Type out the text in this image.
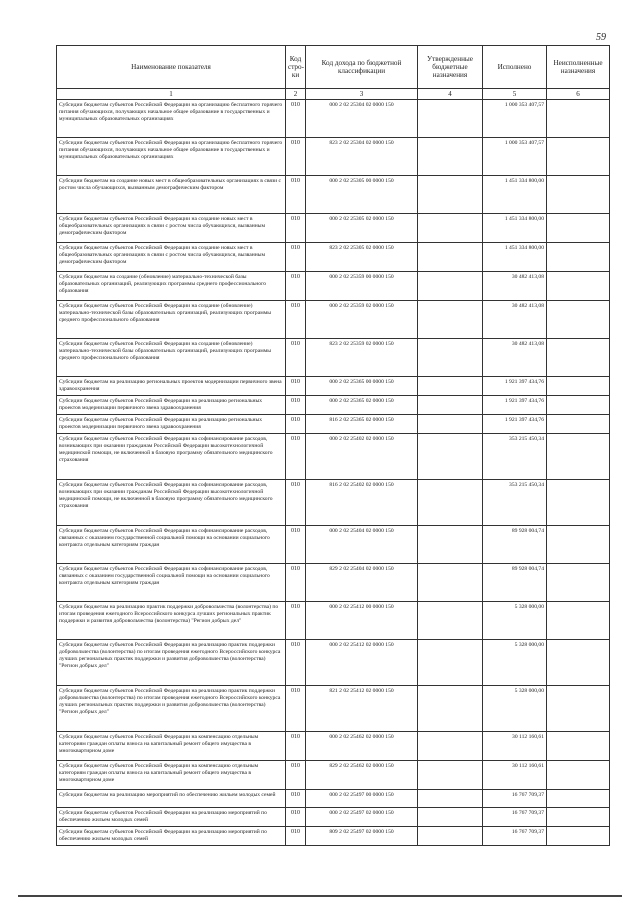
59
Наименование показателя	Код стро-ки	Код дохода по бюджетной классификации	Утвержденные бюджетные назначения	Исполнено	Неисполненные назначения
1	2	3	4	5	6
Субсидии бюджетам субъектов Российской Федерации на организацию бесплатного горячего питания обучающихся, получающих начальное общее образование в государственных и муниципальных образовательных организациях	010	000 2 02 25304 02 0000 150		1 000 353 407,57	
Субсидии бюджетам субъектов Российской Федерации на организацию бесплатного горячего питания обучающихся, получающих начальное общее образование в государственных и муниципальных образовательных организациях	010	823 2 02 25304 02 0000 150		1 000 353 407,57	
Субсидии бюджетам на создание новых мест в общеобразовательных организациях в связи с ростом числа обучающихся, вызванным демографическим фактором	010	000 2 02 25305 00 0000 150		1 451 334 800,00	
Субсидии бюджетам субъектов Российской Федерации на создание новых мест в общеобразовательных организациях в связи с ростом числа обучающихся, вызванным демографическим фактором	010	000 2 02 25305 02 0000 150		1 451 334 800,00	
Субсидии бюджетам субъектов Российской Федерации на создание новых мест в общеобразовательных организациях в связи с ростом числа обучающихся, вызванным демографическим фактором	010	823 2 02 25305 02 0000 150		1 451 334 800,00	
Субсидии бюджетам на создание (обновление) материально-технической базы образовательных организаций, реализующих программы среднего профессионального образования	010	000 2 02 25359 00 0000 150		30 482 413,08	
Субсидии бюджетам субъектов Российской Федерации на создание (обновление) материально-технической базы образовательных организаций, реализующих программы среднего профессионального образования	010	000 2 02 25359 02 0000 150		30 482 413,08	
Субсидии бюджетам субъектов Российской Федерации на создание (обновление) материально-технической базы образовательных организаций, реализующих программы среднего профессионального образования	010	823 2 02 25359 02 0000 150		30 482 413,08	
Субсидии бюджетам на реализацию региональных проектов модернизации первичного звена здравоохранения	010	000 2 02 25365 00 0000 150		1 921 397 434,76	
Субсидии бюджетам субъектов Российской Федерации на реализацию региональных проектов модернизации первичного звена здравоохранения	010	000 2 02 25365 02 0000 150		1 921 397 434,76	
Субсидии бюджетам субъектов Российской Федерации на реализацию региональных проектов модернизации первичного звена здравоохранения	010	816 2 02 25365 02 0000 150		1 921 397 434,76	
Субсидии бюджетам субъектов Российской Федерации на софинансирование расходов, возникающих при оказании гражданам Российской Федерации высокотехнологичной медицинской помощи, не включенной в базовую программу обязательного медицинского страхования	010	000 2 02 25402 02 0000 150		353 215 450,34	
Субсидии бюджетам субъектов Российской Федерации на софинансирование расходов, возникающих при оказании гражданам Российской Федерации высокотехнологичной медицинской помощи, не включенной в базовую программу обязательного медицинского страхования	010	816 2 02 25402 02 0000 150		353 215 450,34	
Субсидии бюджетам субъектов Российской Федерации на софинансирование расходов, связанных с оказанием государственной социальной помощи на основании социального контракта отдельным категориям граждан	010	000 2 02 25404 02 0000 150		89 928 004,74	
Субсидии бюджетам субъектов Российской Федерации на софинансирование расходов, связанных с оказанием государственной социальной помощи на основании социального контракта отдельным категориям граждан	010	829 2 02 25404 02 0000 150		89 928 004,74	
Субсидии бюджетам на реализацию практик поддержки добровольчества (волонтерства) по итогам проведения ежегодного Всероссийского конкурса лучших региональных практик поддержки и развития добровольчества (волонтерства) "Регион добрых дел"	010	000 2 02 25412 00 0000 150		5 328 000,00	
Субсидии бюджетам субъектов Российской Федерации на реализацию практик поддержки добровольчества (волонтерства) по итогам проведения ежегодного Всероссийского конкурса лучших региональных практик поддержки и развития добровольчества (волонтерства) "Регион добрых дел"	010	000 2 02 25412 02 0000 150		5 328 000,00	
Субсидии бюджетам субъектов Российской Федерации на реализацию практик поддержки добровольчества (волонтерства) по итогам проведения ежегодного Всероссийского конкурса лучших региональных практик поддержки и развития добровольчества (волонтерства) "Регион добрых дел"	010	821 2 02 25412 02 0000 150		5 328 000,00	
Субсидии бюджетам субъектов Российской Федерации на компенсацию отдельным категориям граждан оплаты взноса на капитальный ремонт общего имущества в многоквартирном доме	010	000 2 02 25462 02 0000 150		30 112 160,61	
Субсидии бюджетам субъектов Российской Федерации на компенсацию отдельным категориям граждан оплаты взноса на капитальный ремонт общего имущества в многоквартирном доме	010	829 2 02 25462 02 0000 150		30 112 160,61	
Субсидии бюджетам на реализацию мероприятий по обеспечению жильем молодых семей	010	000 2 02 25497 00 0000 150		16 767 709,37	
Субсидии бюджетам субъектов Российской Федерации на реализацию мероприятий по обеспечению жильем молодых семей	010	000 2 02 25497 02 0000 150		16 767 709,37	
Субсидии бюджетам субъектов Российской Федерации на реализацию мероприятий по обеспечению жильем молодых семей	010	809 2 02 25497 02 0000 150		16 767 709,37	
